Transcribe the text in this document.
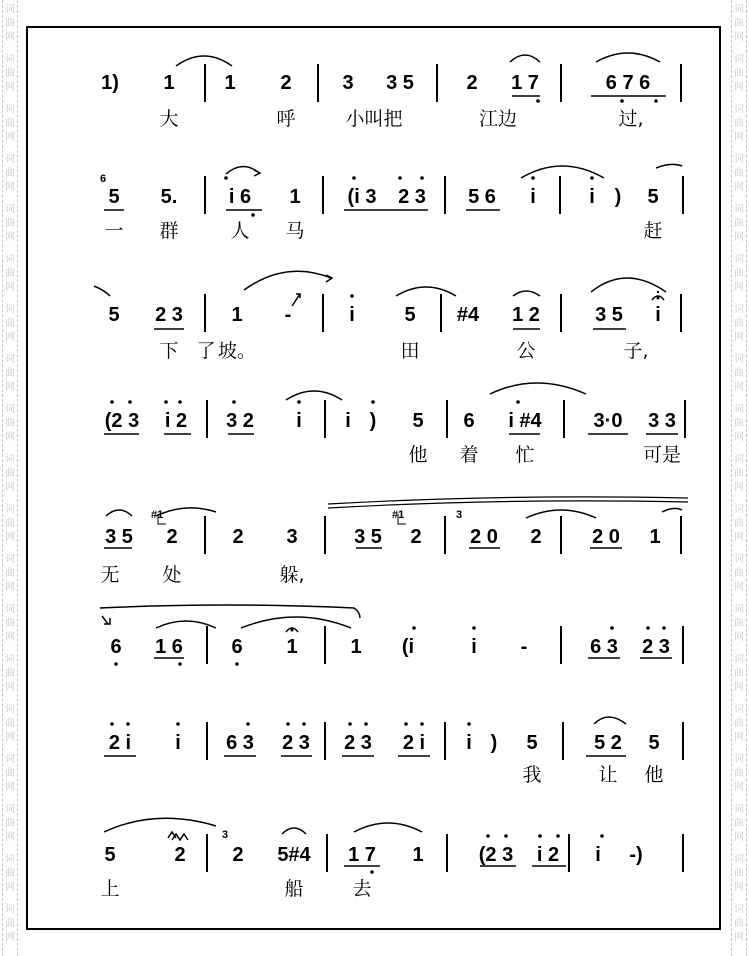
词
曲
网
词
曲
网
词
曲
网
词
曲
网
词
曲
网
词
曲
网
词
曲
网
词
曲
网
词
曲
网
词
曲
网
词
曲
网
词
曲
网
词
曲
网
词
曲
网
词
曲
网
词
曲
网
词
曲
网
词
曲
网
词
曲
网
词
曲
网
词
曲
网
词
曲
网
词
曲
网
词
曲
网
词
曲
网
词
曲
网
词
曲
网
词
曲
网
词
曲
网
词
曲
网
词
曲
网
词
曲
网
词
曲
网
词
曲
网
词
曲
网
词
曲
网
词
曲
网
词
曲
网
1) 1 1 2	3 3 5	2 1 7	6 7 6
大	呼	小叫把	江边	过,
6
5 5.	i 6 1 (i 3 2 3 5 6 i	i ) 5
一 群	人 马	赶
5 2 3 1 -	i 5 #4 1 2	3 5 i
下 了 坡。	田	公	子,
(2 3 i 2 3 2 i i ) 5 6 i #4	3·0 3 3
他 着 忙	可是
3 5
#1
2	2 3	3 5
#1
2
3
2 0 2	2 0 1
无 处	躲,
6 1 6 6 1	1 (i	i -	6 3 2 3
2 i i 6 3 2 3 2 3 2 i i ) 5	5 2 5
我	让 他
5	2
3
2 5#4 1 7 1	(2 3 i 2 i -)
上	船	去
